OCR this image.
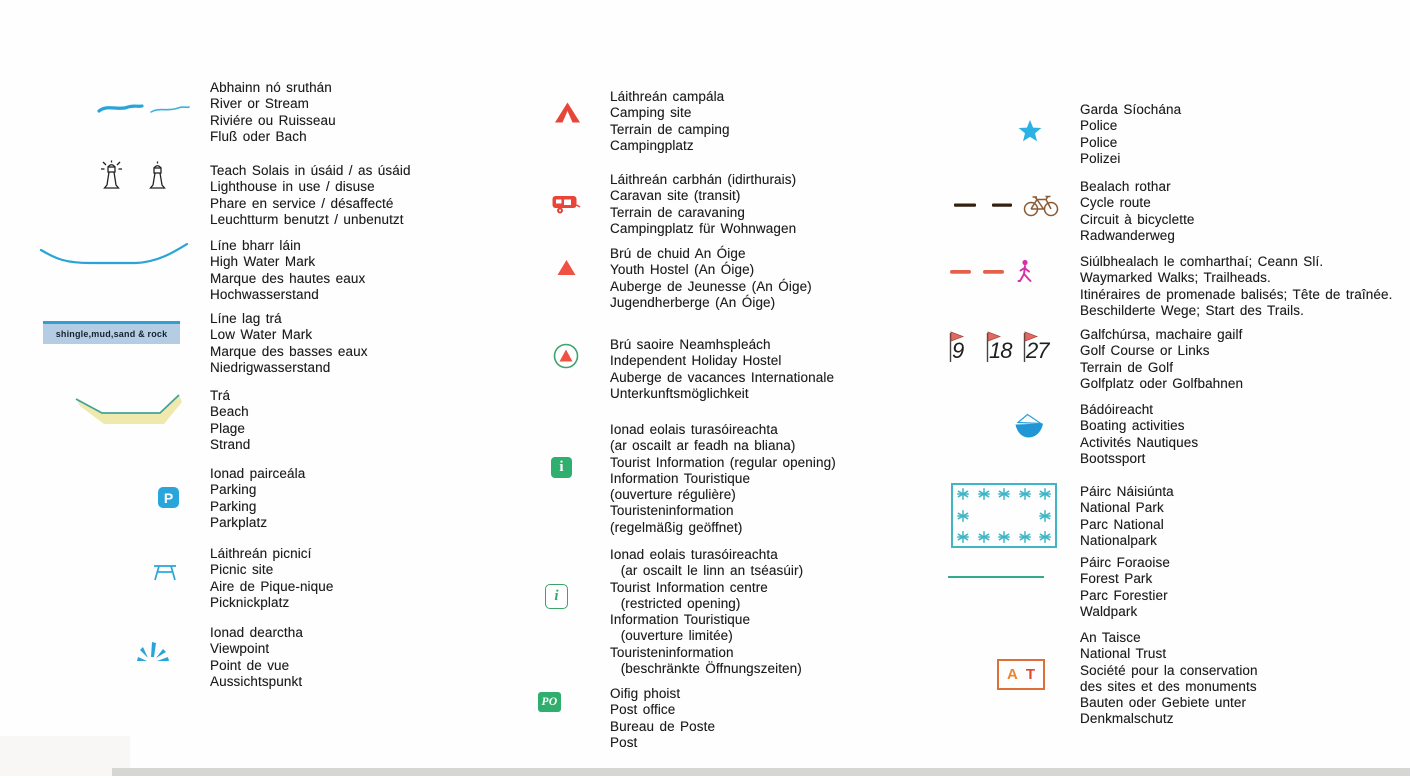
shingle,mud,sand & rock
P
i
i
PO
9 18 27
A T
Abhainn nó sruthán
River or Stream
Riviére ou Ruisseau
Fluß oder Bach
Teach Solais in úsáid / as úsáid
Lighthouse in use / disuse
Phare en service / désaffecté
Leuchtturm benutzt / unbenutzt
Líne bharr láin
High Water Mark
Marque des hautes eaux
Hochwasserstand
Líne lag trá
Low Water Mark
Marque des basses eaux
Niedrigwasserstand
Trá
Beach
Plage
Strand
Ionad pairceála
Parking
Parking
Parkplatz
Láithreán picnicí
Picnic site
Aire de Pique-nique
Picknickplatz
Ionad dearctha
Viewpoint
Point de vue
Aussichtspunkt
Láithreán campála
Camping site
Terrain de camping
Campingplatz
Láithreán carbhán (idirthurais)
Caravan site (transit)
Terrain de caravaning
Campingplatz für Wohnwagen
Brú de chuid An Óige
Youth Hostel (An Óige)
Auberge de Jeunesse (An Óige)
Jugendherberge (An Óige)
Brú saoire Neamhspleách
Independent Holiday Hostel
Auberge de vacances Internationale
Unterkunftsmöglichkeit
Ionad eolais turasóireachta
(ar oscailt ar feadh na bliana)
Tourist Information (regular opening)
Information Touristique
(ouverture régulière)
Touristeninformation
(regelmäßig geöffnet)
Ionad eolais turasóireachta
(ar oscailt le linn an tséasúir)
Tourist Information centre
(restricted opening)
Information Touristique
(ouverture limitée)
Touristeninformation
(beschränkte Öffnungszeiten)
Oifig phoist
Post office
Bureau de Poste
Post
Garda Síochána
Police
Police
Polizei
Bealach rothar
Cycle route
Circuit à bicyclette
Radwanderweg
Siúlbhealach le comharthaí; Ceann Slí.
Waymarked Walks; Trailheads.
Itinéraires de promenade balisés; Tête de traînée.
Beschilderte Wege; Start des Trails.
Galfchúrsa, machaire gailf
Golf Course or Links
Terrain de Golf
Golfplatz oder Golfbahnen
Bádóireacht
Boating activities
Activités Nautiques
Bootssport
Páirc Náisiúnta
National Park
Parc National
Nationalpark
Páirc Foraoise
Forest Park
Parc Forestier
Waldpark
An Taisce
National Trust
Société pour la conservation
des sites et des monuments
Bauten oder Gebiete unter
Denkmalschutz
